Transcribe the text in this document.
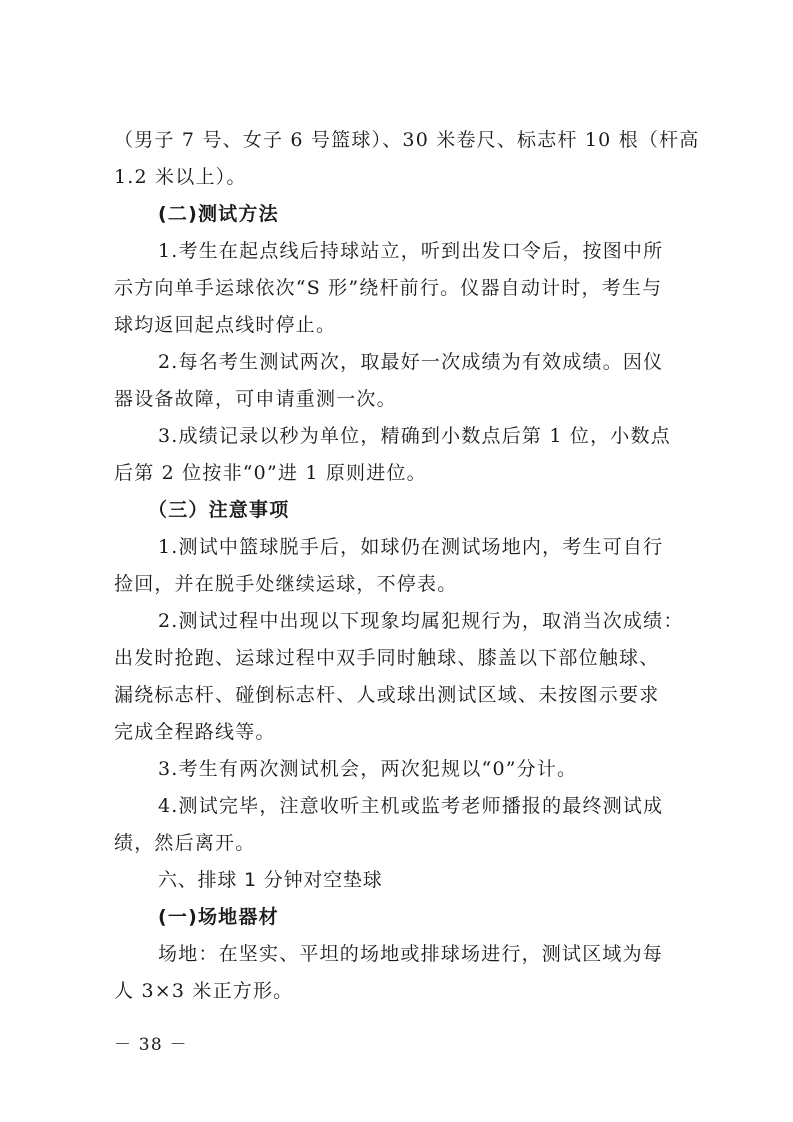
（男子 7 号、女子 6 号篮球）、30 米卷尺、标志杆 10 根（杆高
1.2 米以上）。
(二)测试方法
1.考生在起点线后持球站立，听到出发口令后，按图中所
示方向单手运球依次“S 形”绕杆前行。仪器自动计时，考生与
球均返回起点线时停止。
2.每名考生测试两次，取最好一次成绩为有效成绩。因仪
器设备故障，可申请重测一次。
3.成绩记录以秒为单位，精确到小数点后第 1 位，小数点
后第 2 位按非“0”进 1 原则进位。
（三）注意事项
1.测试中篮球脱手后，如球仍在测试场地内，考生可自行
捡回，并在脱手处继续运球，不停表。
2.测试过程中出现以下现象均属犯规行为，取消当次成绩：
出发时抢跑、运球过程中双手同时触球、膝盖以下部位触球、
漏绕标志杆、碰倒标志杆、人或球出测试区域、未按图示要求
完成全程路线等。
3.考生有两次测试机会，两次犯规以“0”分计。
4.测试完毕，注意收听主机或监考老师播报的最终测试成
绩，然后离开。
六、排球 1 分钟对空垫球
(一)场地器材
场地：在坚实、平坦的场地或排球场进行，测试区域为每
人 3×3 米正方形。
－ 38 －
